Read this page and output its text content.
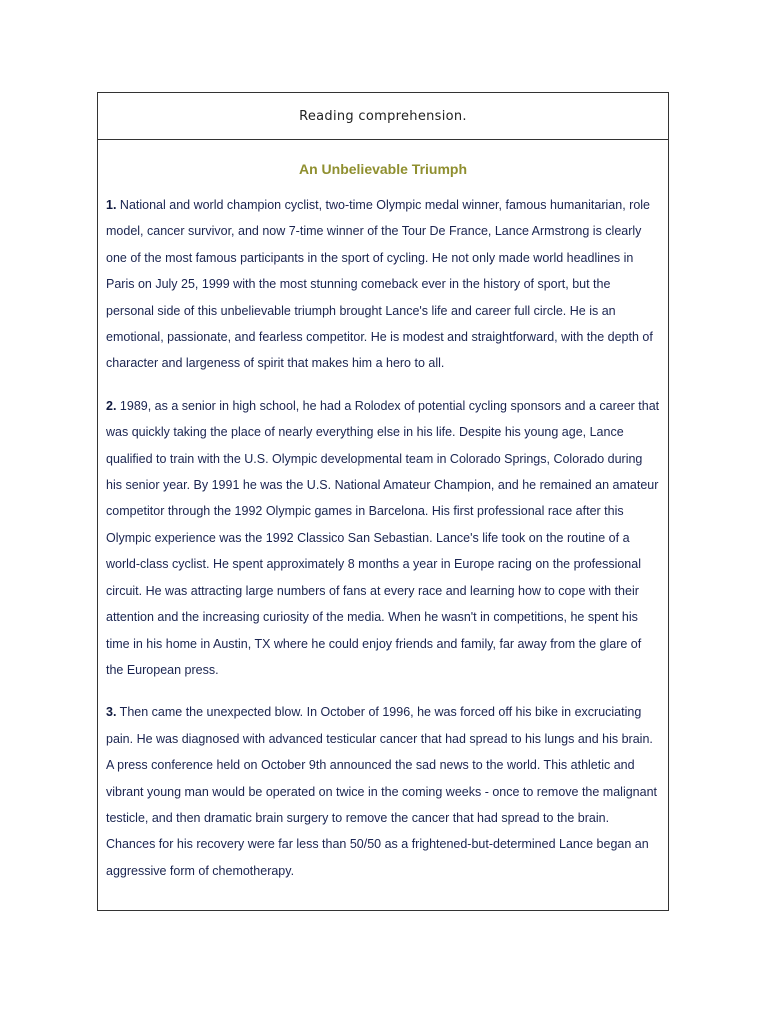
Reading comprehension.
An Unbelievable Triumph

1. National and world champion cyclist, two-time Olympic medal winner, famous humanitarian, role model, cancer survivor, and now 7-time winner of the Tour De France, Lance Armstrong is clearly one of the most famous participants in the sport of cycling. He not only made world headlines in Paris on July 25, 1999 with the most stunning comeback ever in the history of sport, but the personal side of this unbelievable triumph brought Lance's life and career full circle. He is an emotional, passionate, and fearless competitor. He is modest and straightforward, with the depth of character and largeness of spirit that makes him a hero to all.

2. 1989, as a senior in high school, he had a Rolodex of potential cycling sponsors and a career that was quickly taking the place of nearly everything else in his life. Despite his young age, Lance qualified to train with the U.S. Olympic developmental team in Colorado Springs, Colorado during his senior year. By 1991 he was the U.S. National Amateur Champion, and he remained an amateur competitor through the 1992 Olympic games in Barcelona. His first professional race after this Olympic experience was the 1992 Classico San Sebastian. Lance's life took on the routine of a world-class cyclist. He spent approximately 8 months a year in Europe racing on the professional circuit. He was attracting large numbers of fans at every race and learning how to cope with their attention and the increasing curiosity of the media. When he wasn't in competitions, he spent his time in his home in Austin, TX where he could enjoy friends and family, far away from the glare of the European press.

3. Then came the unexpected blow. In October of 1996, he was forced off his bike in excruciating pain. He was diagnosed with advanced testicular cancer that had spread to his lungs and his brain. A press conference held on October 9th announced the sad news to the world. This athletic and vibrant young man would be operated on twice in the coming weeks - once to remove the malignant testicle, and then dramatic brain surgery to remove the cancer that had spread to the brain. Chances for his recovery were far less than 50/50 as a frightened-but-determined Lance began an aggressive form of chemotherapy.
